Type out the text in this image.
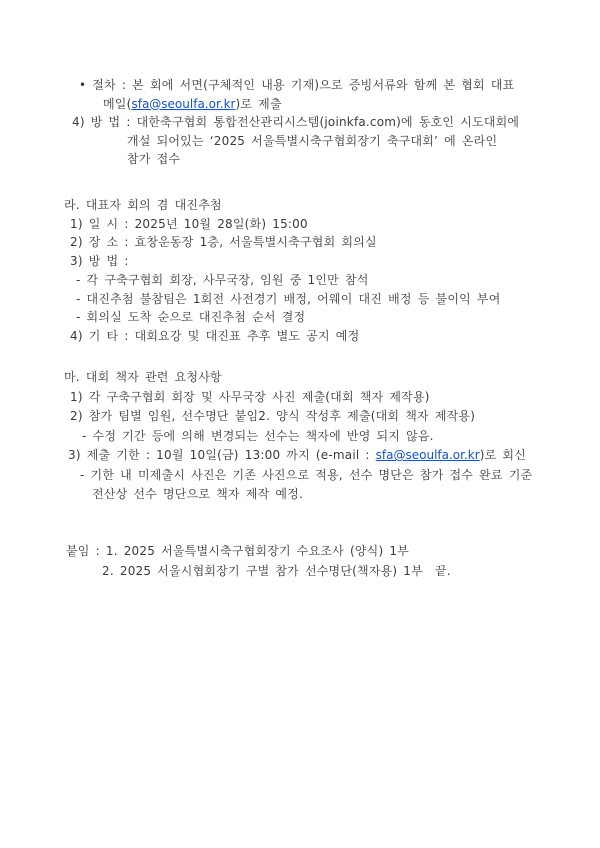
• 절차 : 본 회에 서면(구체적인 내용 기재)으로 증빙서류와 함께 본 협회 대표
메일(sfa@seoulfa.or.kr)로 제출
4) 방 법 : 대한축구협회 통합전산관리시스템(joinkfa.com)에 동호인 시도대회에
개설 되어있는 ‘2025 서울특별시축구협회장기 축구대회’ 에 온라인
참가 접수
라. 대표자 회의 겸 대진추첨
1) 일 시 : 2025년 10월 28일(화) 15:00
2) 장 소 : 효창운동장 1층, 서울특별시축구협회 회의실
3) 방 법 :
- 각 구축구협회 회장, 사무국장, 임원 중 1인만 참석
- 대진추첨 불참팀은 1회전 사전경기 배정, 어웨이 대진 배정 등 불이익 부여
- 회의실 도착 순으로 대진추첨 순서 결정
4) 기 타 : 대회요강 및 대진표 추후 별도 공지 예정
마. 대회 책자 관련 요청사항
1) 각 구축구협회 회장 및 사무국장 사진 제출(대회 책자 제작용)
2) 참가 팀별 임원, 선수명단 붙임2. 양식 작성후 제출(대회 책자 제작용)
- 수정 기간 등에 의해 변경되는 선수는 책자에 반영 되지 않음.
3) 제출 기한 : 10월 10일(금) 13:00 까지 (e-mail : sfa@seoulfa.or.kr)로 회신
- 기한 내 미제출시 사진은 기존 사진으로 적용, 선수 명단은 참가 접수 완료 기준
전산상 선수 명단으로 책자 제작 예정.
붙임 : 1. 2025 서울특별시축구협회장기 수요조사 (양식) 1부
2. 2025 서울시협회장기 구별 참가 선수명단(책자용) 1부  끝.
